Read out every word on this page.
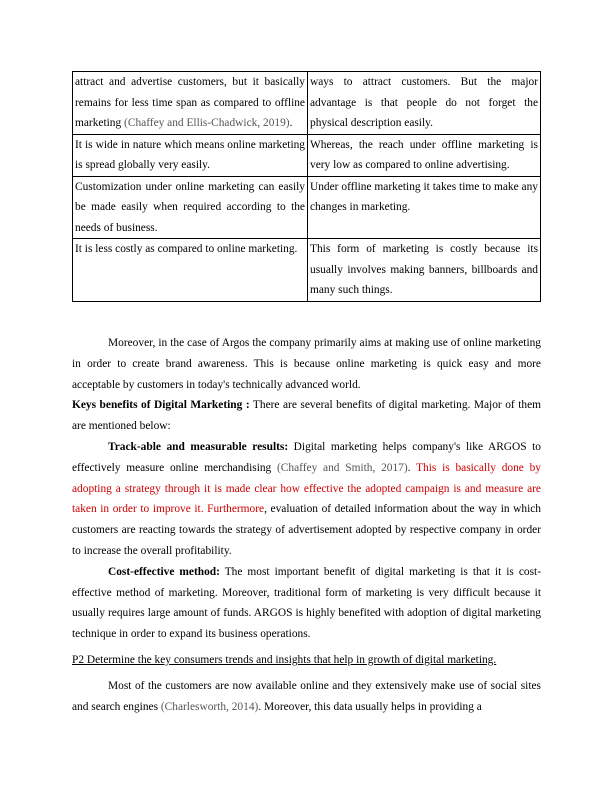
attract and advertise customers, but it basically remains for less time span as compared to offline marketing (Chaffey and Ellis-Chadwick, 2019).	ways to attract customers. But the major advantage is that people do not forget the physical description easily.
It is wide in nature which means online marketing is spread globally very easily.	Whereas, the reach under offline marketing is very low as compared to online advertising.
Customization under online marketing can easily be made easily when required according to the needs of business.	Under offline marketing it takes time to make any changes in marketing.
It is less costly as compared to online marketing.	This form of marketing is costly because its usually involves making banners, billboards and many such things.

Moreover, in the case of Argos the company primarily aims at making use of online marketing in order to create brand awareness. This is because online marketing is quick easy and more acceptable by customers in today's technically advanced world.

Keys benefits of Digital Marketing : There are several benefits of digital marketing. Major of them are mentioned below:

Track-able and measurable results: Digital marketing helps company's like ARGOS to effectively measure online merchandising (Chaffey and Smith, 2017). This is basically done by adopting a strategy through it is made clear how effective the adopted campaign is and measure are taken in order to improve it. Furthermore, evaluation of detailed information about the way in which customers are reacting towards the strategy of advertisement adopted by respective company in order to increase the overall profitability.

Cost-effective method: The most important benefit of digital marketing is that it is cost-effective method of marketing. Moreover, traditional form of marketing is very difficult because it usually requires large amount of funds. ARGOS is highly benefited with adoption of digital marketing technique in order to expand its business operations.

P2 Determine the key consumers trends and insights that help in growth of digital marketing.

Most of the customers are now available online and they extensively make use of social sites and search engines (Charlesworth, 2014). Moreover, this data usually helps in providing a
